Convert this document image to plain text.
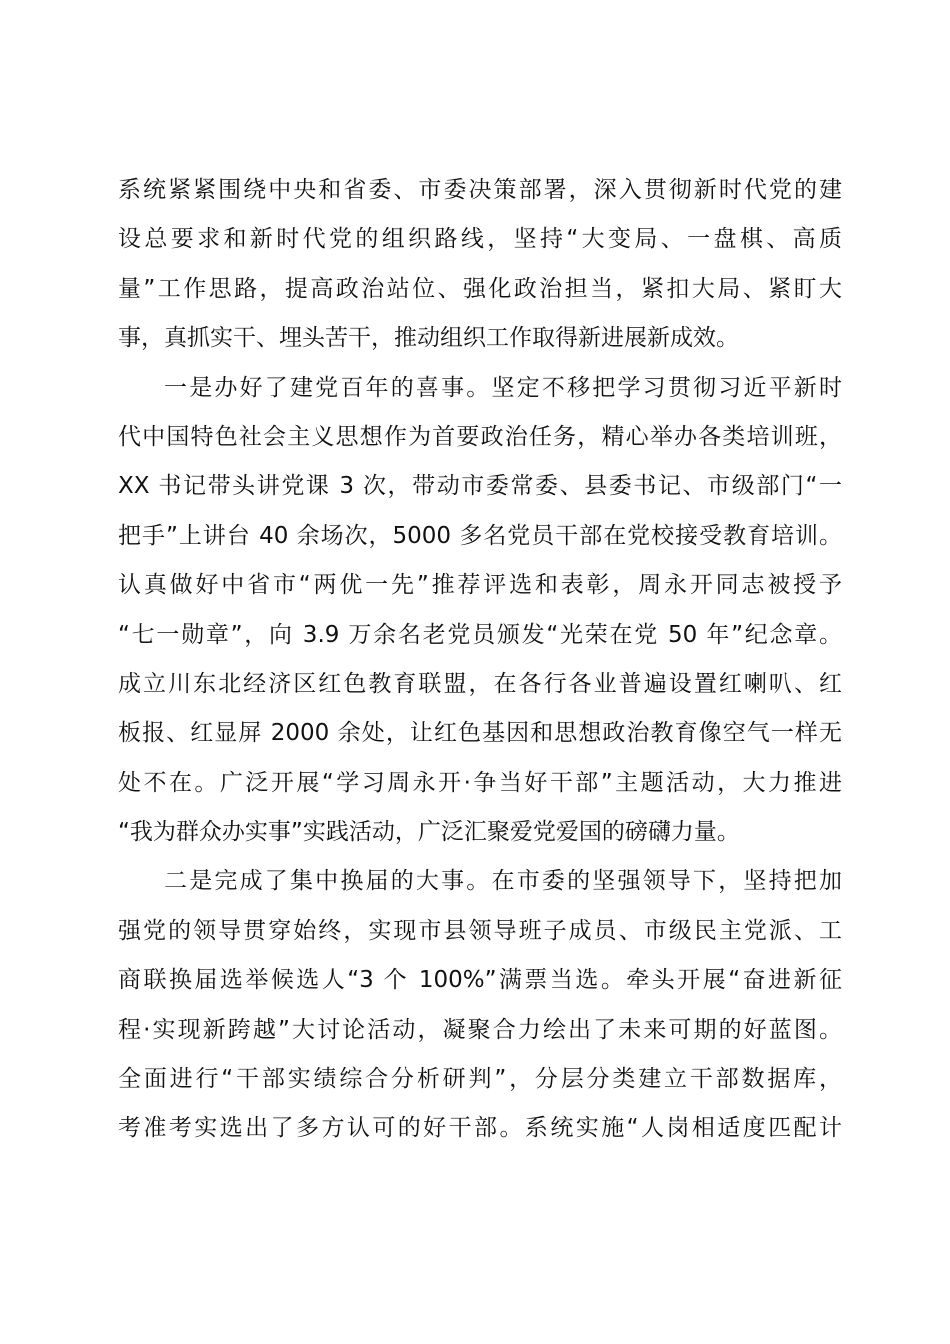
系统紧紧围绕中央和省委、市委决策部署，深入贯彻新时代党的建
设总要求和新时代党的组织路线，坚持“大变局、一盘棋、高质
量”工作思路，提高政治站位、强化政治担当，紧扣大局、紧盯大
事，真抓实干、埋头苦干，推动组织工作取得新进展新成效。
一是办好了建党百年的喜事。坚定不移把学习贯彻习近平新时
代中国特色社会主义思想作为首要政治任务，精心举办各类培训班，
XX 书记带头讲党课 3 次，带动市委常委、县委书记、市级部门“一
把手”上讲台 40 余场次，5000 多名党员干部在党校接受教育培训。
认真做好中省市“两优一先”推荐评选和表彰，周永开同志被授予
“七一勋章”，向 3.9 万余名老党员颁发“光荣在党 50 年”纪念章。
成立川东北经济区红色教育联盟，在各行各业普遍设置红喇叭、红
板报、红显屏 2000 余处，让红色基因和思想政治教育像空气一样无
处不在。广泛开展“学习周永开·争当好干部”主题活动，大力推进
“我为群众办实事”实践活动，广泛汇聚爱党爱国的磅礴力量。
二是完成了集中换届的大事。在市委的坚强领导下，坚持把加
强党的领导贯穿始终，实现市县领导班子成员、市级民主党派、工
商联换届选举候选人“3 个 100%”满票当选。牵头开展“奋进新征
程·实现新跨越”大讨论活动，凝聚合力绘出了未来可期的好蓝图。
全面进行“干部实绩综合分析研判”，分层分类建立干部数据库，
考准考实选出了多方认可的好干部。系统实施“人岗相适度匹配计
